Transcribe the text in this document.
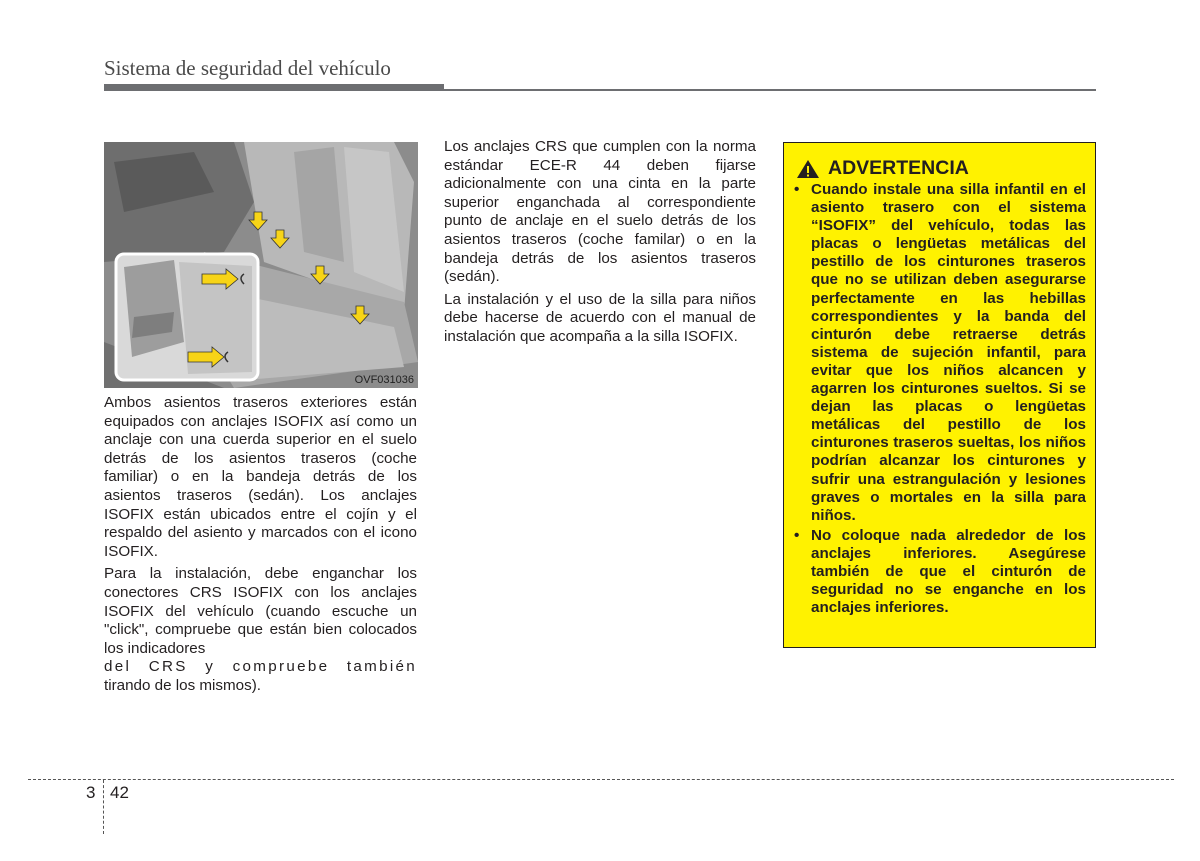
Sistema de seguridad del vehículo
OVF031036

Ambos asientos traseros exteriores están equipados con anclajes ISOFIX así como un anclaje con una cuerda superior en el suelo detrás de los asientos traseros (coche familiar) o en la bandeja detrás de los asientos traseros (sedán). Los anclajes ISOFIX están ubicados entre el cojín y el respaldo del asiento y marcados con el icono ISOFIX.

Para la instalación, debe enganchar los conectores CRS ISOFIX con los anclajes ISOFIX del vehículo (cuando escuche un "click", compruebe que están bien colocados los indicadores

del CRS y compruebe también

tirando de los mismos).

Los anclajes CRS que cumplen con la norma estándar ECE-R 44 deben fijarse adicionalmente con una cinta en la parte superior enganchada al correspondiente punto de anclaje en el suelo detrás de los asientos traseros (coche familar) o en la bandeja detrás de los asientos traseros (sedán).

La instalación y el uso de la silla para niños debe hacerse de acuerdo con el manual de instalación que acompaña a la silla ISOFIX.

ADVERTENCIA
• Cuando instale una silla infantil en el asiento trasero con el sistema “ISOFIX” del vehículo, todas las placas o lengüetas metálicas del pestillo de los cinturones traseros que no se utilizan deben asegurarse perfectamente en las hebillas correspondientes y la banda del cinturón debe retraerse detrás sistema de sujeción infantil, para evitar que los niños alcancen y agarren los cinturones sueltos. Si se dejan las placas o lengüetas metálicas del pestillo de los cinturones traseros sueltas, los niños podrían alcanzar los cinturones y sufrir una estrangulación y lesiones graves o mortales en la silla para niños.
• No coloque nada alrededor de los anclajes inferiores. Asegúrese también de que el cinturón de seguridad no se enganche en los anclajes inferiores.
3 42
